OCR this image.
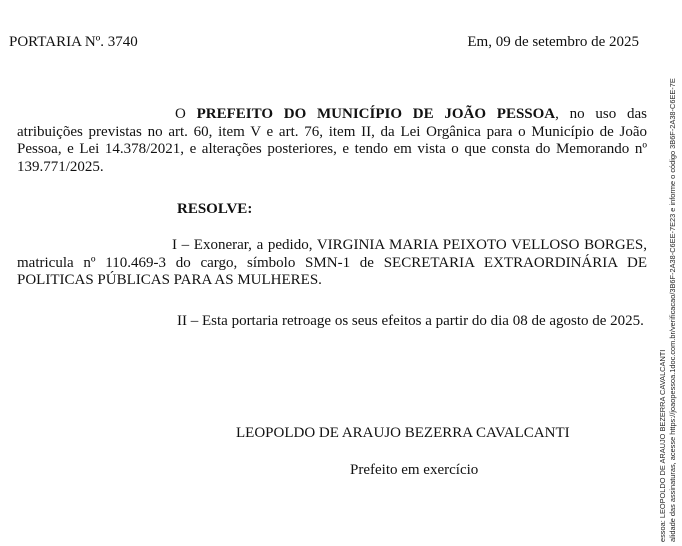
PORTARIA Nº. 3740	Em, 09 de setembro de 2025
O PREFEITO DO MUNICÍPIO DE JOÃO PESSOA, no uso das atribuições previstas no art. 60, item V e art. 76, item II, da Lei Orgânica para o Município de João Pessoa, e Lei 14.378/2021, e alterações posteriores, e tendo em vista o que consta do Memorando nº 139.771/2025.
RESOLVE:
I – Exonerar, a pedido, VIRGINIA MARIA PEIXOTO VELLOSO BORGES, matricula nº 110.469-3 do cargo, símbolo SMN-1 de SECRETARIA EXTRAORDINÁRIA DE POLITICAS PÚBLICAS PARA AS MULHERES.
II – Esta portaria retroage os seus efeitos a partir do dia 08 de agosto de 2025.
LEOPOLDO DE ARAUJO BEZERRA CAVALCANTI
Prefeito em exercício	essoa: LEOPOLDO DE ARAUJO BEZERRA CAVALCANTI alidade das assinaturas, acesse https://joaopessoa.1doc.com.br/verificacao/3B6F-2A38-C6EE-7E23 e informe o código 3B6F-2A38-C6EE-7E
